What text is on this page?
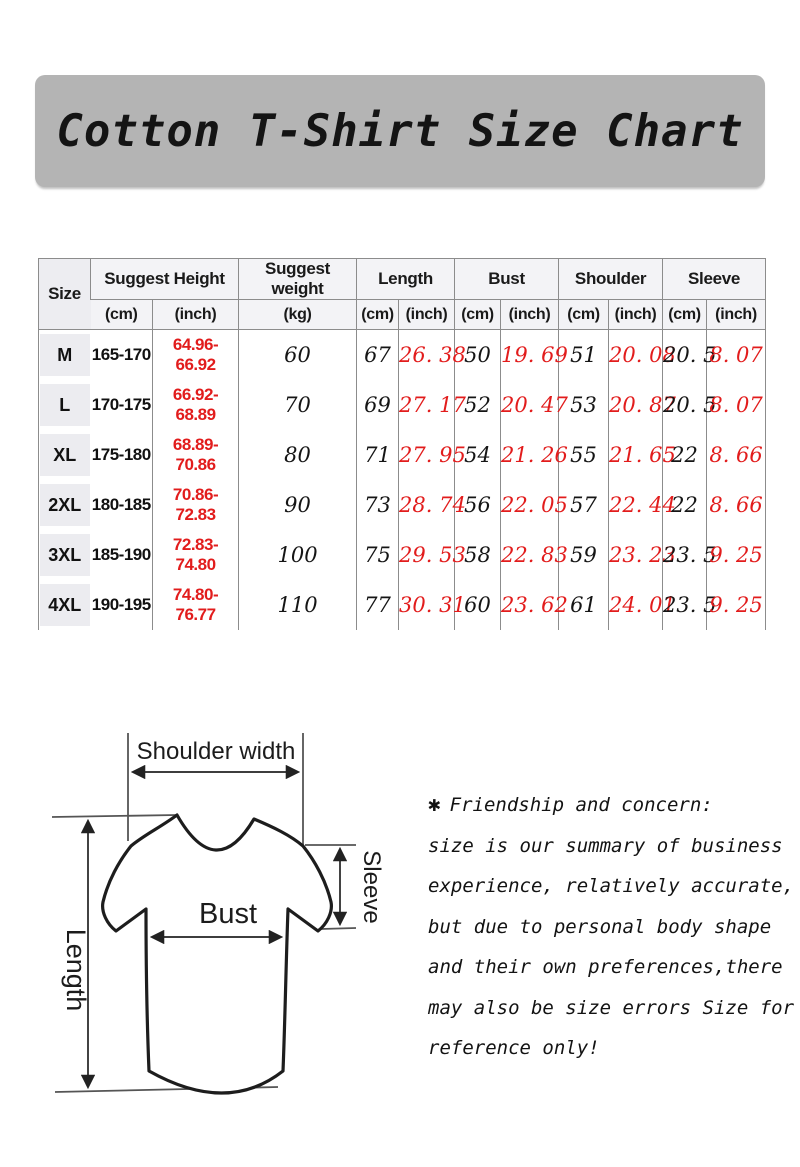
Cotton T-Shirt Size Chart
Size	Suggest Height		Suggest weight	Length		Bust		Shoulder		Sleeve	
	(cm)	(inch)	(kg)	(cm)	(inch)	(cm)	(inch)	(cm)	(inch)	(cm)	(inch)

M	165-170	64.96-66.92	60	67	26. 38	50	19. 69	51	20. 08	20. 5	8. 07

L	170-175	66.92-68.89	70	69	27. 17	52	20. 47	53	20. 87	20. 5	8. 07

XL	175-180	68.89-70.86	80	71	27. 95	54	21. 26	55	21. 65	22	8. 66

2XL	180-185	70.86-72.83	90	73	28. 74	56	22. 05	57	22. 44	22	8. 66

3XL	185-190	72.83-74.80	100	75	29. 53	58	22. 83	59	23. 23	23. 5	9. 25

4XL	190-195	74.80-76.77	110	77	30. 31	60	23. 62	61	24. 01	23. 5	9. 25
Shoulder width
Sleeve
Bust
Length
✱ Friendship and concern:
size is our summary of business
experience, relatively accurate,
but due to personal body shape
and their own preferences,there
may also be size errors Size for
reference only!
